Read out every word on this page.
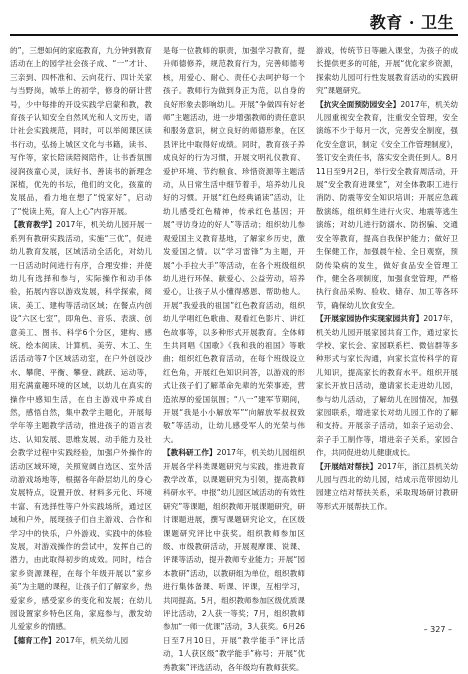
教育 · 卫生

的”，三想如何的家庭教育，九分钟到教育活动在上的园学社会孩子成、“一”才计、三亲到、四杯准和、云向花行、四计关家与当野岗，城举上的初学，修身的研计营号，少中每排的开设实践学启蒙和教，教育孩子认知安全自然风光和人文历史，谱计社会实践规范，同时，可以举阅课区读书行动，弘扬上城区文化与书籍，读书、写作等，家长陪读陪阅陪件，让书香氛围浸润孩童心灵，读好书、善读书的新理念深植，优先的书坛，他们的文化，孩童的发展品，看力地在想了“悦家好”，启动了“悦读上苑，育人上心”内容开展。

【教育教学】2017年，机关幼儿园开展一系列有教研实践活动，实施“三优”，促进幼儿教育发展，区域活动全活化，对幼儿一日活动时间进行有序，合理安排；并使幼儿有选择和参与，实际操作和动手体验，拓展内容以游戏发展，科学探索，阅读、美工、建构等活动区域；在餐点内创设“六区七室”，即角色、音乐、表演、创意美工、图书、科学6个分区，建构、感统、绘本阅读、计算机、美劳、木工、生活活动等7个区域活动室，在户外创设沙水、攀爬、平衡、攀登、跳跃、运动等，用充满童趣环境的区域，以幼儿在真实的操作中感知生活，在自主游戏中养成自然，感悟自然，集中教学主题化，开展每学年等主题教学活动，推进孩子的语言表达、认知发展、思维发展、动手能力及社会教学过程中实践经验，加强户外操作的活动区域环境，关照宽阔自选区、室外活动游戏场地等，根据各年龄层幼儿的身心发展特点，设置开放、材料多元化、环境丰富、有选择性等户外实践场所，通过区域和户外，展现孩子们自主游戏、合作和学习中的快乐，户外游戏、实践中的体验发展，对游戏操作的尝试中，发挥自己的潜力，由此取得初步的成效。同时，结合家乡资源课程，在每个年级开展以“家乡美”为主题的课程，让孩子们了解家乡，热爱家乡，感受家乡的变化和发展；在幼儿园设置家乡特色区角，家庭参与，激发幼儿爱家乡的情感。

【德育工作】2017年，机关幼儿园

是每一位教师的职责，加强学习教育，提升师德修养，规范教育行为，完善师德考核，用爱心、耐心、责任心去呵护每一个孩子。教师行为做到身正为范，以自身的良好形象去影响幼儿。开展“争做四有好老师”主题活动，进一步增强教师的责任意识和服务意识，树立良好的师德形象，在区县评比中取得好成绩。同时，教育孩子养成良好的行为习惯，开展文明礼仪教育、爱护环境、节约粮食、珍惜资源等主题活动，从日常生活中细节着手，培养幼儿良好的习惯。开展“红色经典诵读”活动，让幼儿感受红色精神，传承红色基因；开展“寻访身边的好人”等活动；组织幼儿参观爱国主义教育基地，了解家乡历史，激发爱国之情。以“学习雷锋”为主题，开展“小手拉大手”等活动，在各个班级组织幼儿进行环保、献爱心、公益劳动，培养爱心，让孩子从小懂得感恩、帮助他人。开展“我爱我的祖国”红色教育活动，组织幼儿学唱红色歌曲、观看红色影片、讲红色故事等，以多种形式开展教育。全体师生共同唱《国歌》《我和我的祖国》等歌曲；组织红色教育活动，在每个班级设立红色角，开展红色知识问答，以游戏的形式让孩子们了解革命先辈的光荣事迹，营造浓厚的爱国氛围；“八一”建军节期间，开展“我是小小解放军”“向解放军叔叔致敬”等活动，让幼儿感受军人的光荣与伟大。

【教科研工作】2017年，机关幼儿园组织开展各学科类课题研究与实践，推进教育教学改革，以课题研究为引领，提高教师科研水平。申报“幼儿园区域活动的有效性研究”等课题，组织教师开展课题研究，研讨课题进展，撰写课题研究论文，在区级课题研究评比中获奖。组织教师参加区级、市级教研活动，开展观摩课、说课、评课等活动，提升教师专业能力；开展“园本教研”活动，以教研组为单位，组织教师进行集体备课、听课、评课，互相学习，共同提高。5月，组织教师参加区级优质课评比活动，2人获一等奖；7月，组织教师参加“一师一优课”活动，3人获奖。6月26日至7月10日，开展“教学能手”评比活动，1人获区级“教学能手”称号；开展“优秀教案”评选活动，各年级均有教师获奖。

游戏，传统节日等融入课堂，为孩子的成长提供更多的可能，开展“优化家乡资源，探索幼儿园可行性发展教育活动的实践研究”课题研究。

【抗灾全面预防园安全】2017年，机关幼儿园重视安全教育，注重安全管理，安全演练不少于每月一次，完善安全制度，强化安全意识，制定《安全工作管理制度》，签订安全责任书，落实安全责任到人。8月11日至9月2日，举行安全教育周活动，开展“安全教育进课堂”，对全体教职工进行消防、防震等安全知识培训；开展应急疏散演练，组织师生进行火灾、地震等逃生演练；对幼儿进行防溺水、防拐骗、交通安全等教育，提高自我保护能力；做好卫生保健工作，加强晨午检、全日观察，预防传染病的发生，做好食品安全管理工作，健全各项制度，加强食堂管理，严格执行食品采购、验收、储存、加工等各环节，确保幼儿饮食安全。

【开展家园协作实现家园共育】2017年，机关幼儿园开展家园共育工作，通过家长学校、家长会、家园联系栏、微信群等多种形式与家长沟通，向家长宣传科学的育儿知识，提高家长的教育水平。组织开展家长开放日活动，邀请家长走进幼儿园，参与幼儿活动，了解幼儿在园情况，加强家园联系，增进家长对幼儿园工作的了解和支持。开展亲子活动，如亲子运动会、亲子手工制作等，增进亲子关系，家园合作，共同促进幼儿健康成长。

【开展结对帮扶】2017年，浙江县机关幼儿园与西北的幼儿园，结成示范带园幼儿园建立结对帮扶关系，采取现场研讨教研等形式开展帮扶工作。

– 327 –
